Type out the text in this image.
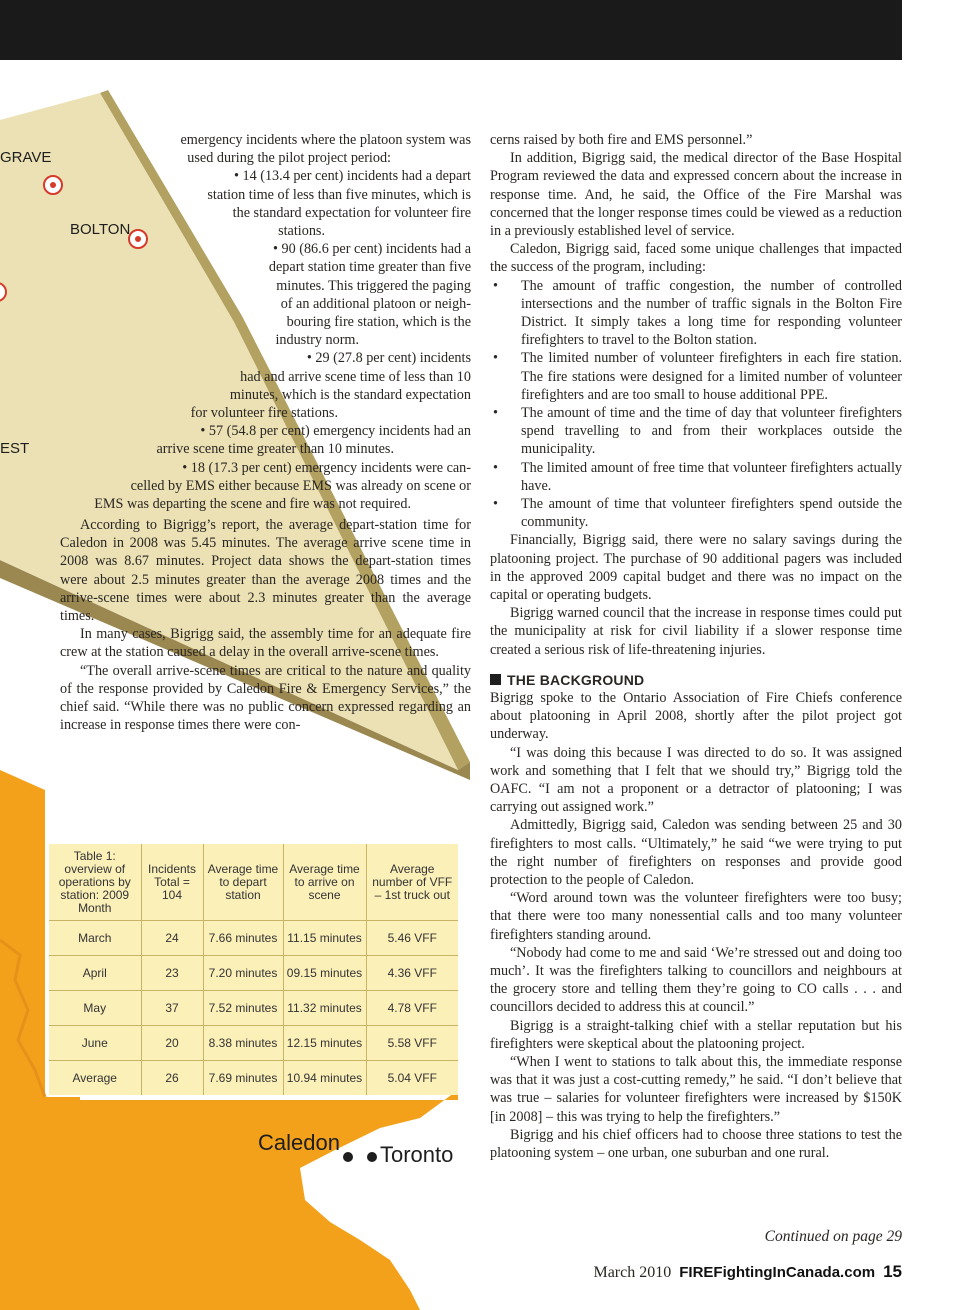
GRAVE
BOLTON
EST
Caledon Toronto
emergency incidents where the platoon system was
used during the pilot project period:
• 14 (13.4 per cent) incidents had a depart
station time of less than five minutes, which is
the standard expectation for volunteer fire
stations.
• 90 (86.6 per cent) incidents had a
depart station time greater than five
minutes. This triggered the paging
of an additional platoon or neigh-
bouring fire station, which is the
industry norm.
• 29 (27.8 per cent) incidents
had and arrive scene time of less than 10
minutes, which is the standard expectation
for volunteer fire stations.
• 57 (54.8 per cent) emergency incidents had an
arrive scene time greater than 10 minutes.
• 18 (17.3 per cent) emergency incidents were can-
celled by EMS either because EMS was already on scene or
EMS was departing the scene and fire was not required.

According to Bigrigg’s report, the average depart-station time for Caledon in 2008 was 5.45 minutes. The average arrive scene time in 2008 was 8.67 minutes. Project data shows the depart-station times were about 2.5 minutes greater than the average 2008 times and the arrive-scene times were about 2.3 minutes greater than the average times.

In many cases, Bigrigg said, the assembly time for an adequate fire crew at the station caused a delay in the overall arrive-scene times.

“The overall arrive-scene times are critical to the nature and quality of the response provided by Caledon Fire & Emergency Services,” the chief said. “While there was no public concern expressed regarding an increase in response times there were con-

Table 1: overview of operations by station: 2009 Month	Incidents Total = 104	Average time to depart station	Average time to arrive on scene	Average number of VFF – 1st truck out
March	24	7.66 minutes	11.15 minutes	5.46 VFF
April	23	7.20 minutes	09.15 minutes	4.36 VFF
May	37	7.52 minutes	11.32 minutes	4.78 VFF
June	20	8.38 minutes	12.15 minutes	5.58 VFF
Average	26	7.69 minutes	10.94 minutes	5.04 VFF

cerns raised by both fire and EMS personnel.”

In addition, Bigrigg said, the medical director of the Base Hospital Program reviewed the data and expressed concern about the increase in response time. And, he said, the Office of the Fire Marshal was concerned that the longer response times could be viewed as a reduction in a previously established level of service.

Caledon, Bigrigg said, faced some unique challenges that impacted the success of the program, including:

• The amount of traffic congestion, the number of controlled intersections and the number of traffic signals in the Bolton Fire District. It simply takes a long time for responding volunteer firefighters to travel to the Bolton station.
• The limited number of volunteer firefighters in each fire station. The fire stations were designed for a limited number of volunteer firefighters and are too small to house additional PPE.
• The amount of time and the time of day that volunteer firefighters spend travelling to and from their workplaces outside the municipality.
• The limited amount of free time that volunteer firefighters actually have.
• The amount of time that volunteer firefighters spend outside the community.

Financially, Bigrigg said, there were no salary savings during the platooning project. The purchase of 90 additional pagers was included in the approved 2009 capital budget and there was no impact on the capital or operating budgets.

Bigrigg warned council that the increase in response times could put the municipality at risk for civil liability if a slower response time created a serious risk of life-threatening injuries.

THE BACKGROUND

Bigrigg spoke to the Ontario Association of Fire Chiefs conference about platooning in April 2008, shortly after the pilot project got underway.

“I was doing this because I was directed to do so. It was assigned work and something that I felt that we should try,” Bigrigg told the OAFC. “I am not a proponent or a detractor of platooning; I was carrying out assigned work.”

Admittedly, Bigrigg said, Caledon was sending between 25 and 30 firefighters to most calls. “Ultimately,” he said “we were trying to put the right number of firefighters on responses and provide good protection to the people of Caledon.

“Word around town was the volunteer firefighters were too busy; that there were too many nonessential calls and too many volunteer firefighters standing around.

“Nobody had come to me and said ‘We’re stressed out and doing too much’. It was the firefighters talking to councillors and neighbours at the grocery store and telling them they’re going to CO calls . . . and councillors decided to address this at council.”

Bigrigg is a straight-talking chief with a stellar reputation but his firefighters were skeptical about the platooning project.

“When I went to stations to talk about this, the immediate response was that it was just a cost-cutting remedy,” he said. “I don’t believe that was true – salaries for volunteer firefighters were increased by $150K [in 2008] – this was trying to help the firefighters.”

Bigrigg and his chief officers had to choose three stations to test the platooning system – one urban, one suburban and one rural.

Continued on page 29
March 2010 FIREFightingInCanada.com 15
